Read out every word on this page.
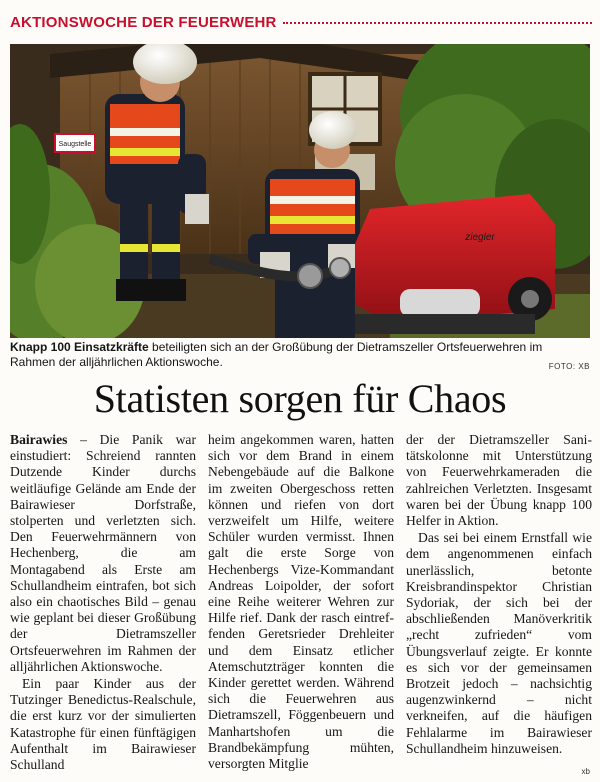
AKTIONSWOCHE DER FEUERWEHR
Saugstelle
ziegler
Knapp 100 Einsatzkräfte beteiligten sich an der Großübung der Dietramszeller Ortsfeuerwehren im Rahmen der alljährlichen Aktionswoche.	FOTO: XB
Statisten sorgen für Chaos

Bairawies – Die Panik war einstudiert: Schreiend rannten Dutzende Kinder durchs weitläufige Gelände am Ende der Bairawieser Dorfstraße, stolperten und verletzten sich. Den Feuerwehrmännern von Hechenberg, die am Montagabend als Erste am Schullandheim eintrafen, bot sich also ein chaotisches Bild – genau wie geplant bei dieser Großübung der Dietramszeller Ortsfeuerwehren im Rahmen der alljährlichen Aktionswoche.

Ein paar Kinder aus der Tutzinger Benedictus-Realschule, die erst kurz vor der simulierten Katastrophe für einen fünftägigen Aufenthalt im Bairawieser Schulland

heim angekommen waren, hatten sich vor dem Brand in einem Nebengebäude auf die Balkone im zweiten Obergeschoss retten können und riefen von dort verzweifelt um Hilfe, weitere Schüler wurden vermisst. Ihnen galt die erste Sorge von Hechenbergs Vize-Kommandant Andreas Loipolder, der sofort eine Reihe weiterer Wehren zur Hilfe rief. Dank der rasch eintreffenden Geretsrieder Drehleiter und dem Einsatz etlicher Atemschutzträger konnten die Kinder gerettet werden. Während sich die Feuerwehren aus Dietramszell, Föggenbeuern und Manhartshofen um die Brandbekämpfung mühten, versorgten Mitglie

der der Dietramszeller Sanitätskolonne mit Unterstützung von Feuerwehrkameraden die zahlreichen Verletzten. Insgesamt waren bei der Übung knapp 100 Helfer in Aktion.

Das sei bei einem Ernstfall wie dem angenommenen einfach unerlässlich, betonte Kreisbrandinspektor Christian Sydoriak, der sich bei der abschließenden Manöverkritik „recht zufrieden“ vom Übungsverlauf zeigte. Er konnte es sich vor der gemeinsamen Brotzeit jedoch – nachsichtig augenzwinkernd – nicht verkneifen, auf die häufigen Fehlalarme im Bairawieser Schullandheim hinzuweisen.

xb
